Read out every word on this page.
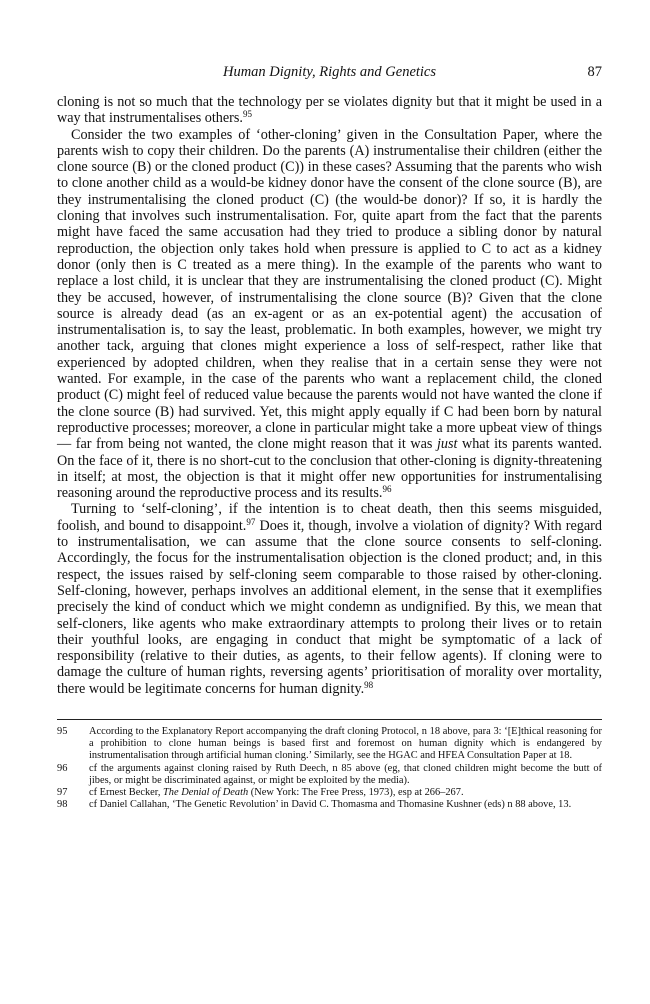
Human Dignity, Rights and Genetics	87

cloning is not so much that the technology per se violates dignity but that it might be used in a way that instrumentalises others.$^{95}$

Consider the two examples of ‘other-cloning’ given in the Consultation Paper, where the parents wish to copy their children. Do the parents (A) instrumentalise their children (either the clone source (B) or the cloned product (C)) in these cases? Assuming that the parents who wish to clone another child as a would-be kidney donor have the consent of the clone source (B), are they instrumentalising the cloned product (C) (the would-be donor)? If so, it is hardly the cloning that involves such instrumentalisation. For, quite apart from the fact that the parents might have faced the same accusation had they tried to produce a sibling donor by natural reproduction, the objection only takes hold when pressure is applied to C to act as a kidney donor (only then is C treated as a mere thing). In the example of the parents who want to replace a lost child, it is unclear that they are instrumentalising the cloned product (C). Might they be accused, however, of instrumentalising the clone source (B)? Given that the clone source is already dead (as an ex-agent or as an ex-potential agent) the accusation of instrumentalisation is, to say the least, problematic. In both examples, however, we might try another tack, arguing that clones might experience a loss of self-respect, rather like that experienced by adopted children, when they realise that in a certain sense they were not wanted. For example, in the case of the parents who want a replacement child, the cloned product (C) might feel of reduced value because the parents would not have wanted the clone if the clone source (B) had survived. Yet, this might apply equally if C had been born by natural reproductive processes; moreover, a clone in particular might take a more upbeat view of things — far from being not wanted, the clone might reason that it was just what its parents wanted. On the face of it, there is no short-cut to the conclusion that other-cloning is dignity-threatening in itself; at most, the objection is that it might offer new opportunities for instrumentalising reasoning around the reproductive process and its results.$^{96}$

Turning to ‘self-cloning’, if the intention is to cheat death, then this seems misguided, foolish, and bound to disappoint.$^{97}$ Does it, though, involve a violation of dignity? With regard to instrumentalisation, we can assume that the clone source consents to self-cloning. Accordingly, the focus for the instrumentalisation objection is the cloned product; and, in this respect, the issues raised by self-cloning seem comparable to those raised by other-cloning. Self-cloning, however, perhaps involves an additional element, in the sense that it exemplifies precisely the kind of conduct which we might condemn as undignified. By this, we mean that self-cloners, like agents who make extraordinary attempts to prolong their lives or to retain their youthful looks, are engaging in conduct that might be symptomatic of a lack of responsibility (relative to their duties, as agents, to their fellow agents). If cloning were to damage the culture of human rights, reversing agents’ prioritisation of morality over mortality, there would be legitimate concerns for human dignity.$^{98}$

95 According to the Explanatory Report accompanying the draft cloning Protocol, n 18 above, para 3: ‘[E]thical reasoning for a prohibition to clone human beings is based first and foremost on human dignity which is endangered by instrumentalisation through artificial human cloning.’ Similarly, see the HGAC and HFEA Consultation Paper at 18.
96 cf the arguments against cloning raised by Ruth Deech, n 85 above (eg, that cloned children might become the butt of jibes, or might be discriminated against, or might be exploited by the media).
97 cf Ernest Becker, The Denial of Death (New York: The Free Press, 1973), esp at 266–267.
98 cf Daniel Callahan, ‘The Genetic Revolution’ in David C. Thomasma and Thomasine Kushner (eds) n 88 above, 13.
